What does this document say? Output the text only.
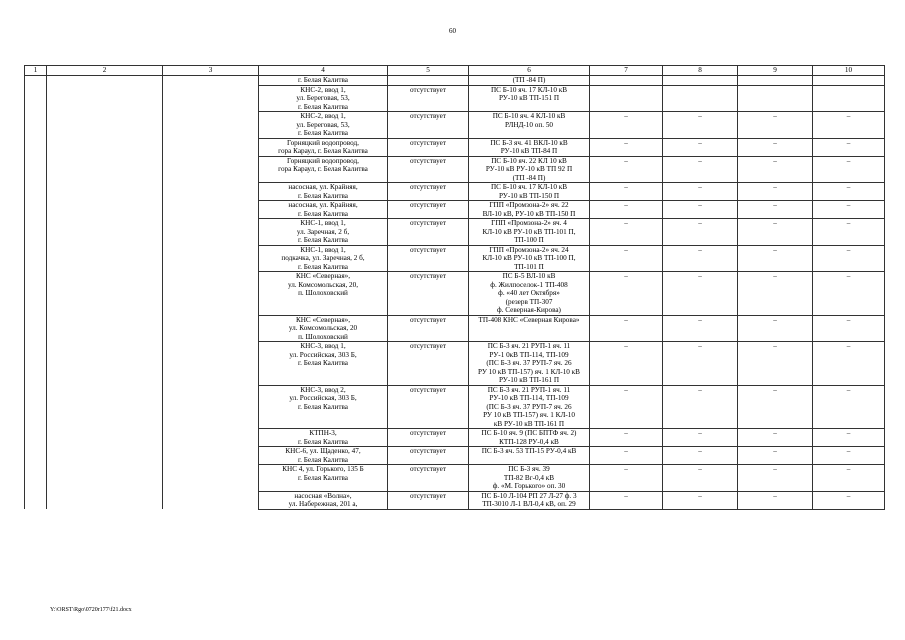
60
1	2	3	4	5	6	7	8	9	10

			г. Белая Калитва		(ТП -84 П)				

			КНС-2, ввод 1,
ул. Береговая, 53,
г. Белая Калитва	отсутствует	ПС Б-10 яч. 17 КЛ-10 кВ
РУ-10 кВ ТП-151 П				

			КНС-2, ввод 1,
ул. Береговая, 53,
г. Белая Калитва	отсутствует	ПС Б-10 яч. 4 КЛ-10 кВ
РЛНД-10 оп. 50	–	–	–	–

			Горняцкий водопровод,
гора Караул, г. Белая Калитва	отсутствует	ПС Б-3 яч. 41 ВКЛ-10 кВ
РУ-10 кВ ТП-84 П	–	–	–	–

			Горняцкий водопровод,
гора Караул, г. Белая Калитва	отсутствует	ПС Б-10 яч. 22 КЛ 10 кВ
РУ-10 кВ РУ-10 кВ ТП 92 П
(ТП -84 П)	–	–	–	–

			насосная, ул. Крайняя,
г. Белая Калитва	отсутствует	ПС Б-10 яч. 17 КЛ-10 кВ
РУ-10 кВ ТП-150 П	–	–	–	–

			насосная, ул. Крайняя,
г. Белая Калитва	отсутствует	ГПП «Промзона-2» яч. 22
ВЛ-10 кВ, РУ-10 кВ ТП-150 П	–	–	–	–

			КНС-1, ввод 1,
ул. Заречная, 2 б,
г. Белая Калитва	отсутствует	ГПП «Промзона-2» яч. 4
КЛ-10 кВ РУ-10 кВ ТП-101 П,
ТП-100 П	–	–	–	–

			КНС-1, ввод 1,
подкачка, ул. Заречная, 2 б,
г. Белая Калитва	отсутствует	ГПП «Промзона-2» яч. 24
КЛ-10 кВ РУ-10 кВ ТП-100 П,
ТП-101 П	–	–	–	–

			КНС «Северная»,
ул. Комсомольская, 20,
п. Шолоховский	отсутствует	ПС Б-5 ВЛ-10 кВ
ф. Жилпоселок-1 ТП-408
ф. «40 лет Октября»
(резерв ТП-307
ф. Северная-Кирова)	–	–	–	–

			КНС «Северная»,
ул. Комсомольская, 20
п. Шолоховский	отсутствует	ТП-408 КНС «Северная Кирова»	–	–	–	–

			КНС-3, ввод 1,
ул. Российская, 303 Б,
г. Белая Калитва	отсутствует	ПС Б-3 яч. 21 РУП-1 яч. 11
РУ-1 0кВ ТП-114, ТП-109
(ПС Б-3 яч. 37 РУП-7 яч. 26
РУ 10 кВ ТП-157) яч. 1 КЛ-10 кВ
РУ-10 кВ ТП-161 П	–	–	–	–

			КНС-3, ввод 2,
ул. Российская, 303 Б,
г. Белая Калитва	отсутствует	ПС Б-3 яч. 21 РУП-1 яч. 11
РУ-10 кВ ТП-114, ТП-109
(ПС Б-3 яч. 37 РУП-7 яч. 26
РУ 10 кВ ТП-157) яч. 1 КЛ-10
кВ РУ-10 кВ ТП-161 П	–	–	–	–

			КТПН-3,
г. Белая Калитва	отсутствует	ПС Б-10 яч. 9 (ПС БПТФ яч. 2)
КТП-128 РУ-0,4 кВ	–	–	–	–

			КНС-6, ул. Щаденко, 47,
г. Белая Калитва	отсутствует	ПС Б-3 яч. 53 ТП-15 РУ-0,4 кВ	–	–	–	–

			КНС 4, ул. Горького, 135 Б
г. Белая Калитва	отсутствует	ПС Б-3 яч. 39
ТП-82 Вг-0,4 кВ
ф. «М. Горького» оп. 30	–	–	–	–

			насосная «Волна»,
ул. Набережная, 201 а,	отсутствует	ПС Б-10 Л-104 РП 27 Л-27 ф. 3
ТП-3010 Л-1 ВЛ-0,4 кВ, оп. 29	–	–	–	–
Y:\ORST\Rgo\0720r177\f21.docx
